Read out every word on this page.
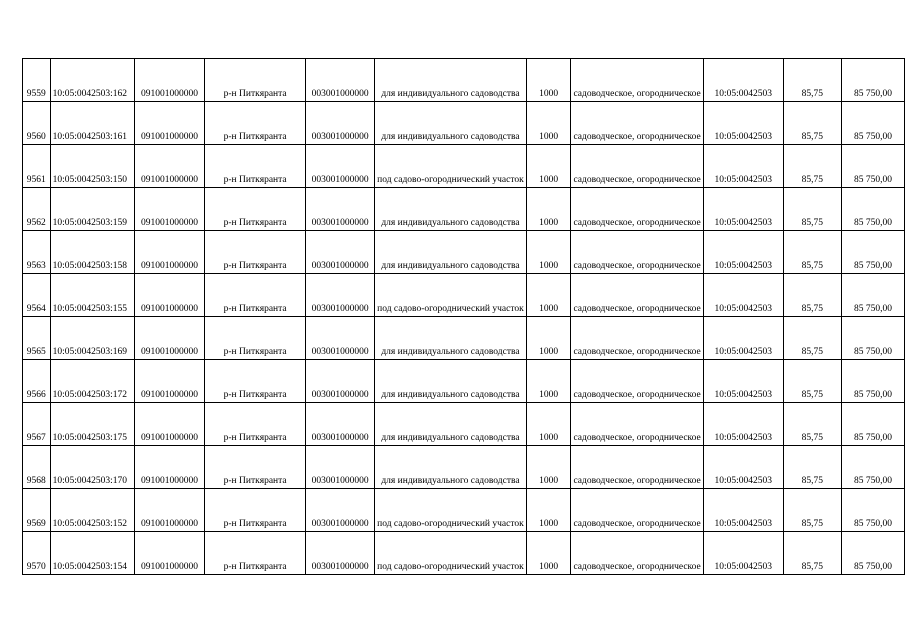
9559	10:05:0042503:162	091001000000	р-н Питкяранта	003001000000	для индивидуального садоводства	1000	садоводческое, огородническое	10:05:0042503	85,75	85 750,00
9560	10:05:0042503:161	091001000000	р-н Питкяранта	003001000000	для индивидуального садоводства	1000	садоводческое, огородническое	10:05:0042503	85,75	85 750,00
9561	10:05:0042503:150	091001000000	р-н Питкяранта	003001000000	под садово-огороднический участок	1000	садоводческое, огородническое	10:05:0042503	85,75	85 750,00
9562	10:05:0042503:159	091001000000	р-н Питкяранта	003001000000	для индивидуального садоводства	1000	садоводческое, огородническое	10:05:0042503	85,75	85 750,00
9563	10:05:0042503:158	091001000000	р-н Питкяранта	003001000000	для индивидуального садоводства	1000	садоводческое, огородническое	10:05:0042503	85,75	85 750,00
9564	10:05:0042503:155	091001000000	р-н Питкяранта	003001000000	под садово-огороднический участок	1000	садоводческое, огородническое	10:05:0042503	85,75	85 750,00
9565	10:05:0042503:169	091001000000	р-н Питкяранта	003001000000	для индивидуального садоводства	1000	садоводческое, огородническое	10:05:0042503	85,75	85 750,00
9566	10:05:0042503:172	091001000000	р-н Питкяранта	003001000000	для индивидуального садоводства	1000	садоводческое, огородническое	10:05:0042503	85,75	85 750,00
9567	10:05:0042503:175	091001000000	р-н Питкяранта	003001000000	для индивидуального садоводства	1000	садоводческое, огородническое	10:05:0042503	85,75	85 750,00
9568	10:05:0042503:170	091001000000	р-н Питкяранта	003001000000	для индивидуального садоводства	1000	садоводческое, огородническое	10:05:0042503	85,75	85 750,00
9569	10:05:0042503:152	091001000000	р-н Питкяранта	003001000000	под садово-огороднический участок	1000	садоводческое, огородническое	10:05:0042503	85,75	85 750,00
9570	10:05:0042503:154	091001000000	р-н Питкяранта	003001000000	под садово-огороднический участок	1000	садоводческое, огородническое	10:05:0042503	85,75	85 750,00
